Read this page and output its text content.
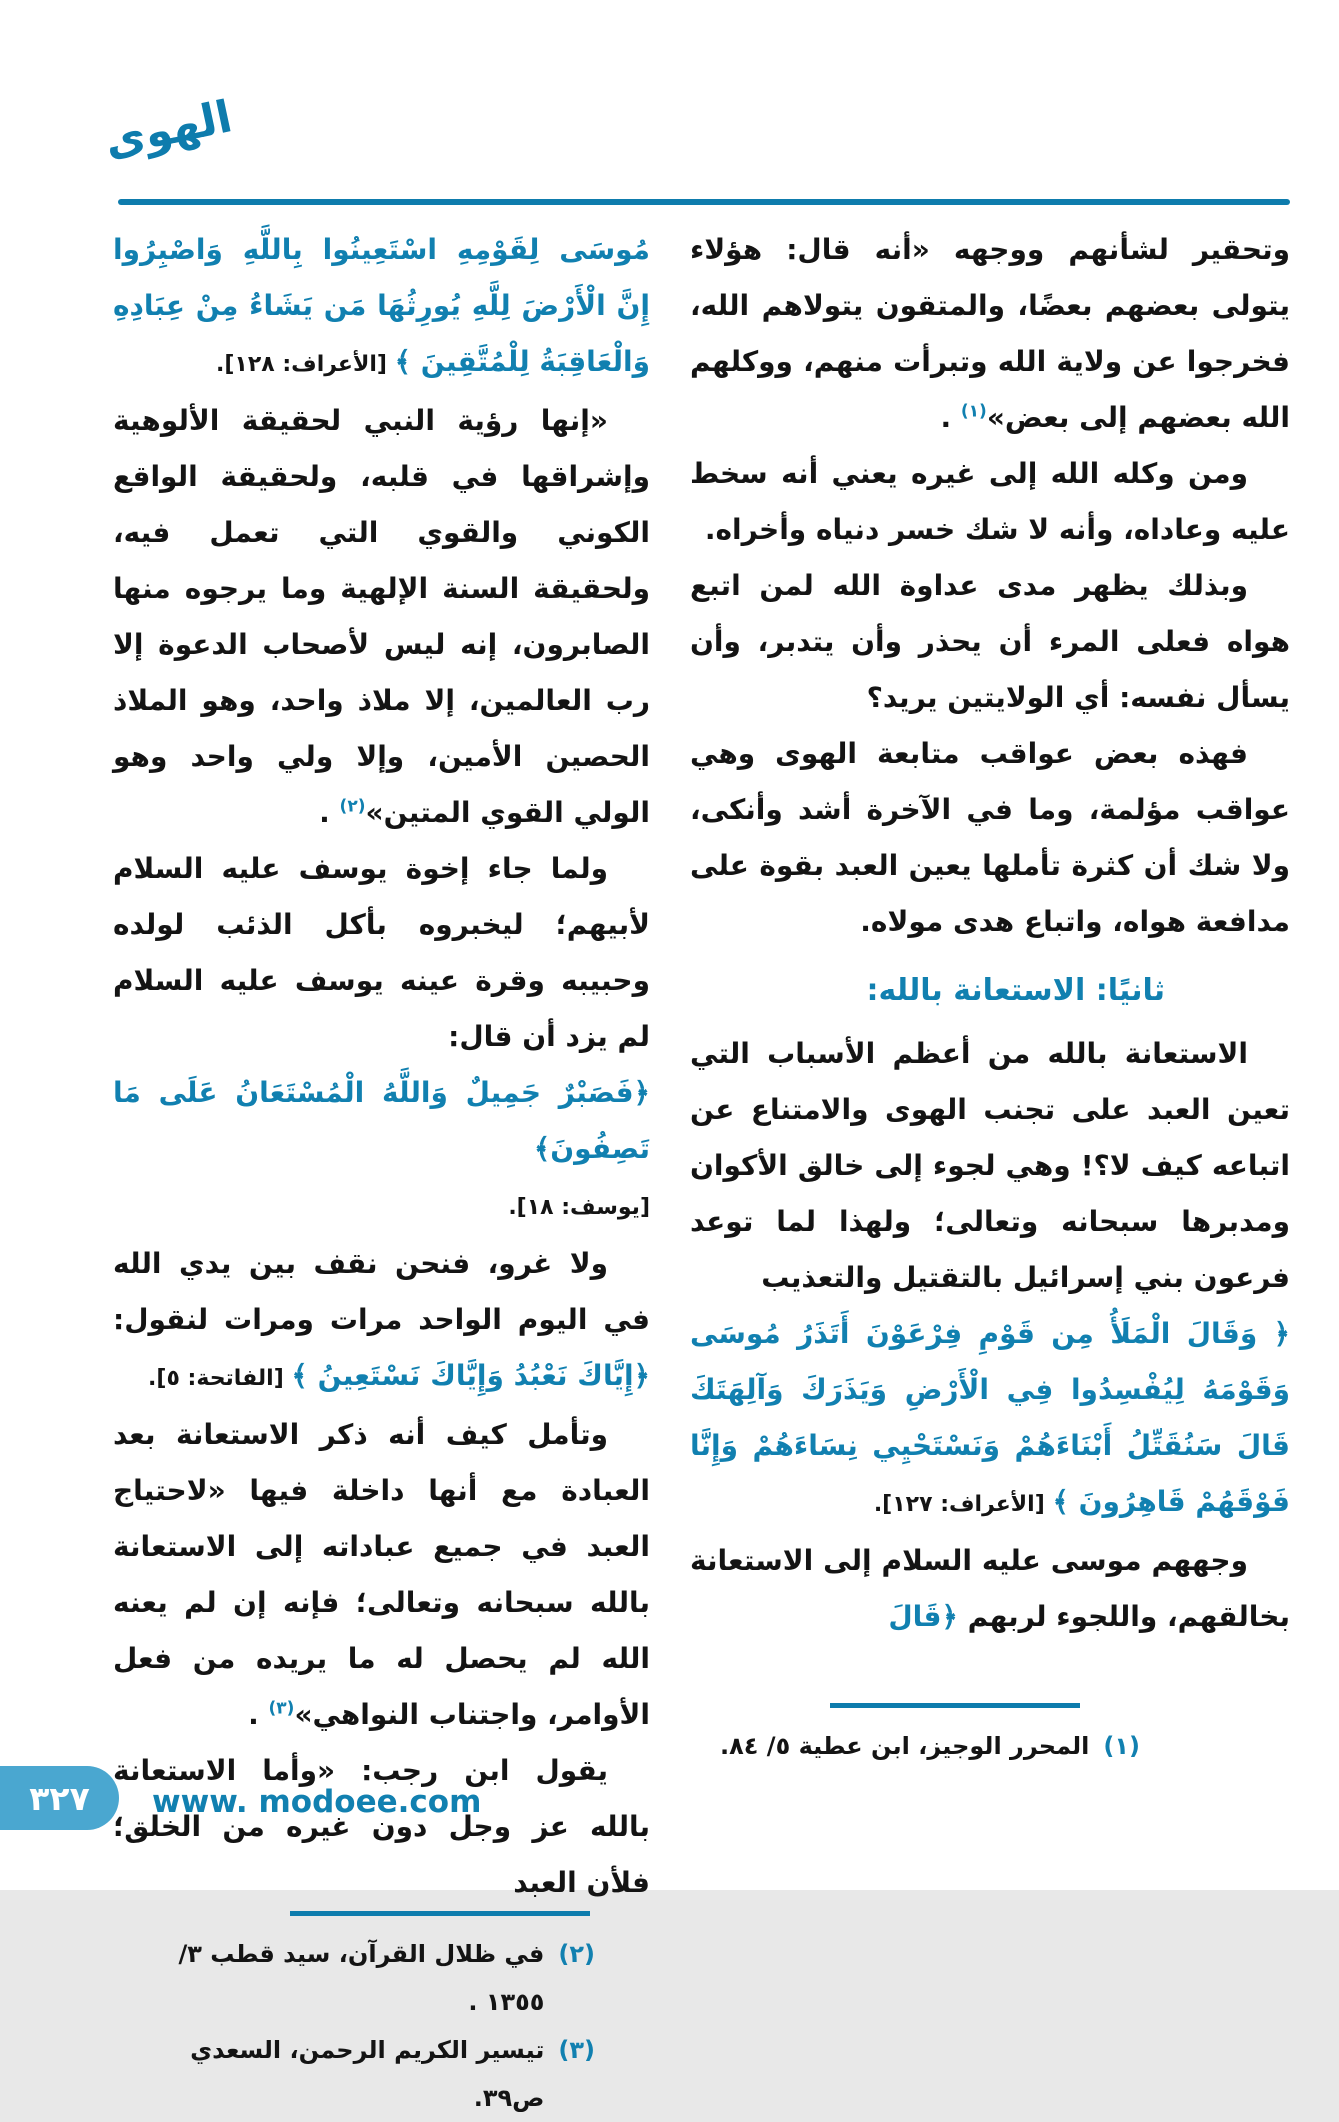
الهوى

وتحقير لشأنهم ووجهه «أنه قال: هؤلاء يتولى بعضهم بعضًا، والمتقون يتولاهم الله، فخرجوا عن ولاية الله وتبرأت منهم، ووكلهم الله بعضهم إلى بعض»$^{(١)}$ .

ومن وكله الله إلى غيره يعني أنه سخط عليه وعاداه، وأنه لا شك خسر دنياه وأخراه.

وبذلك يظهر مدى عداوة الله لمن اتبع هواه فعلى المرء أن يحذر وأن يتدبر، وأن يسأل نفسه: أي الولايتين يريد؟

فهذه بعض عواقب متابعة الهوى وهي عواقب مؤلمة، وما في الآخرة أشد وأنكى، ولا شك أن كثرة تأملها يعين العبد بقوة على مدافعة هواه، واتباع هدى مولاه.

ثانيًا: الاستعانة بالله:

الاستعانة بالله من أعظم الأسباب التي تعين العبد على تجنب الهوى والامتناع عن اتباعه كيف لا؟! وهي لجوء إلى خالق الأكوان ومدبرها سبحانه وتعالى؛ ولهذا لما توعد فرعون بني إسرائيل بالتقتيل والتعذيب

﴿ وَقَالَ الْمَلَأُ مِن قَوْمِ فِرْعَوْنَ أَتَذَرُ مُوسَى وَقَوْمَهُ لِيُفْسِدُوا فِي الْأَرْضِ وَيَذَرَكَ وَآلِهَتَكَ قَالَ سَنُقَتِّلُ أَبْنَاءَهُمْ وَنَسْتَحْيِي نِسَاءَهُمْ وَإِنَّا فَوْقَهُمْ قَاهِرُونَ ﴾ [الأعراف: ١٢٧].

وجههم موسى عليه السلام إلى الاستعانة بخالقهم، واللجوء لربهم ﴿قَالَ

(١)
المحرر الوجيز، ابن عطية ٥/ ٨٤.

مُوسَى لِقَوْمِهِ اسْتَعِينُوا بِاللَّهِ وَاصْبِرُوا إِنَّ الْأَرْضَ لِلَّهِ يُورِثُهَا مَن يَشَاءُ مِنْ عِبَادِهِ وَالْعَاقِبَةُ لِلْمُتَّقِينَ ﴾ [الأعراف: ١٢٨].

«إنها رؤية النبي لحقيقة الألوهية وإشراقها في قلبه، ولحقيقة الواقع الكوني والقوي التي تعمل فيه، ولحقيقة السنة الإلهية وما يرجوه منها الصابرون، إنه ليس لأصحاب الدعوة إلا رب العالمين، إلا ملاذ واحد، وهو الملاذ الحصين الأمين، وإلا ولي واحد وهو الولي القوي المتين»$^{(٢)}$ .

ولما جاء إخوة يوسف عليه السلام لأبيهم؛ ليخبروه بأكل الذئب لولده وحبيبه وقرة عينه يوسف عليه السلام لم يزد أن قال:

﴿فَصَبْرٌ جَمِيلٌ وَاللَّهُ الْمُسْتَعَانُ عَلَى مَا تَصِفُونَ﴾

[يوسف: ١٨].

ولا غرو، فنحن نقف بين يدي الله في اليوم الواحد مرات ومرات لنقول: ﴿إِيَّاكَ نَعْبُدُ وَإِيَّاكَ نَسْتَعِينُ ﴾ [الفاتحة: ٥].

وتأمل كيف أنه ذكر الاستعانة بعد العبادة مع أنها داخلة فيها «لاحتياج العبد في جميع عباداته إلى الاستعانة بالله سبحانه وتعالى؛ فإنه إن لم يعنه الله لم يحصل له ما يريده من فعل الأوامر، واجتناب النواهي»$^{(٣)}$ .

يقول ابن رجب: «وأما الاستعانة بالله عز وجل دون غيره من الخلق؛ فلأن العبد

(٢)
في ظلال القرآن، سيد قطب ٣/ ١٣٥٥ .
(٣)
تيسير الكريم الرحمن، السعدي ص٣٩.
٣٢٧ www. modoee.com
